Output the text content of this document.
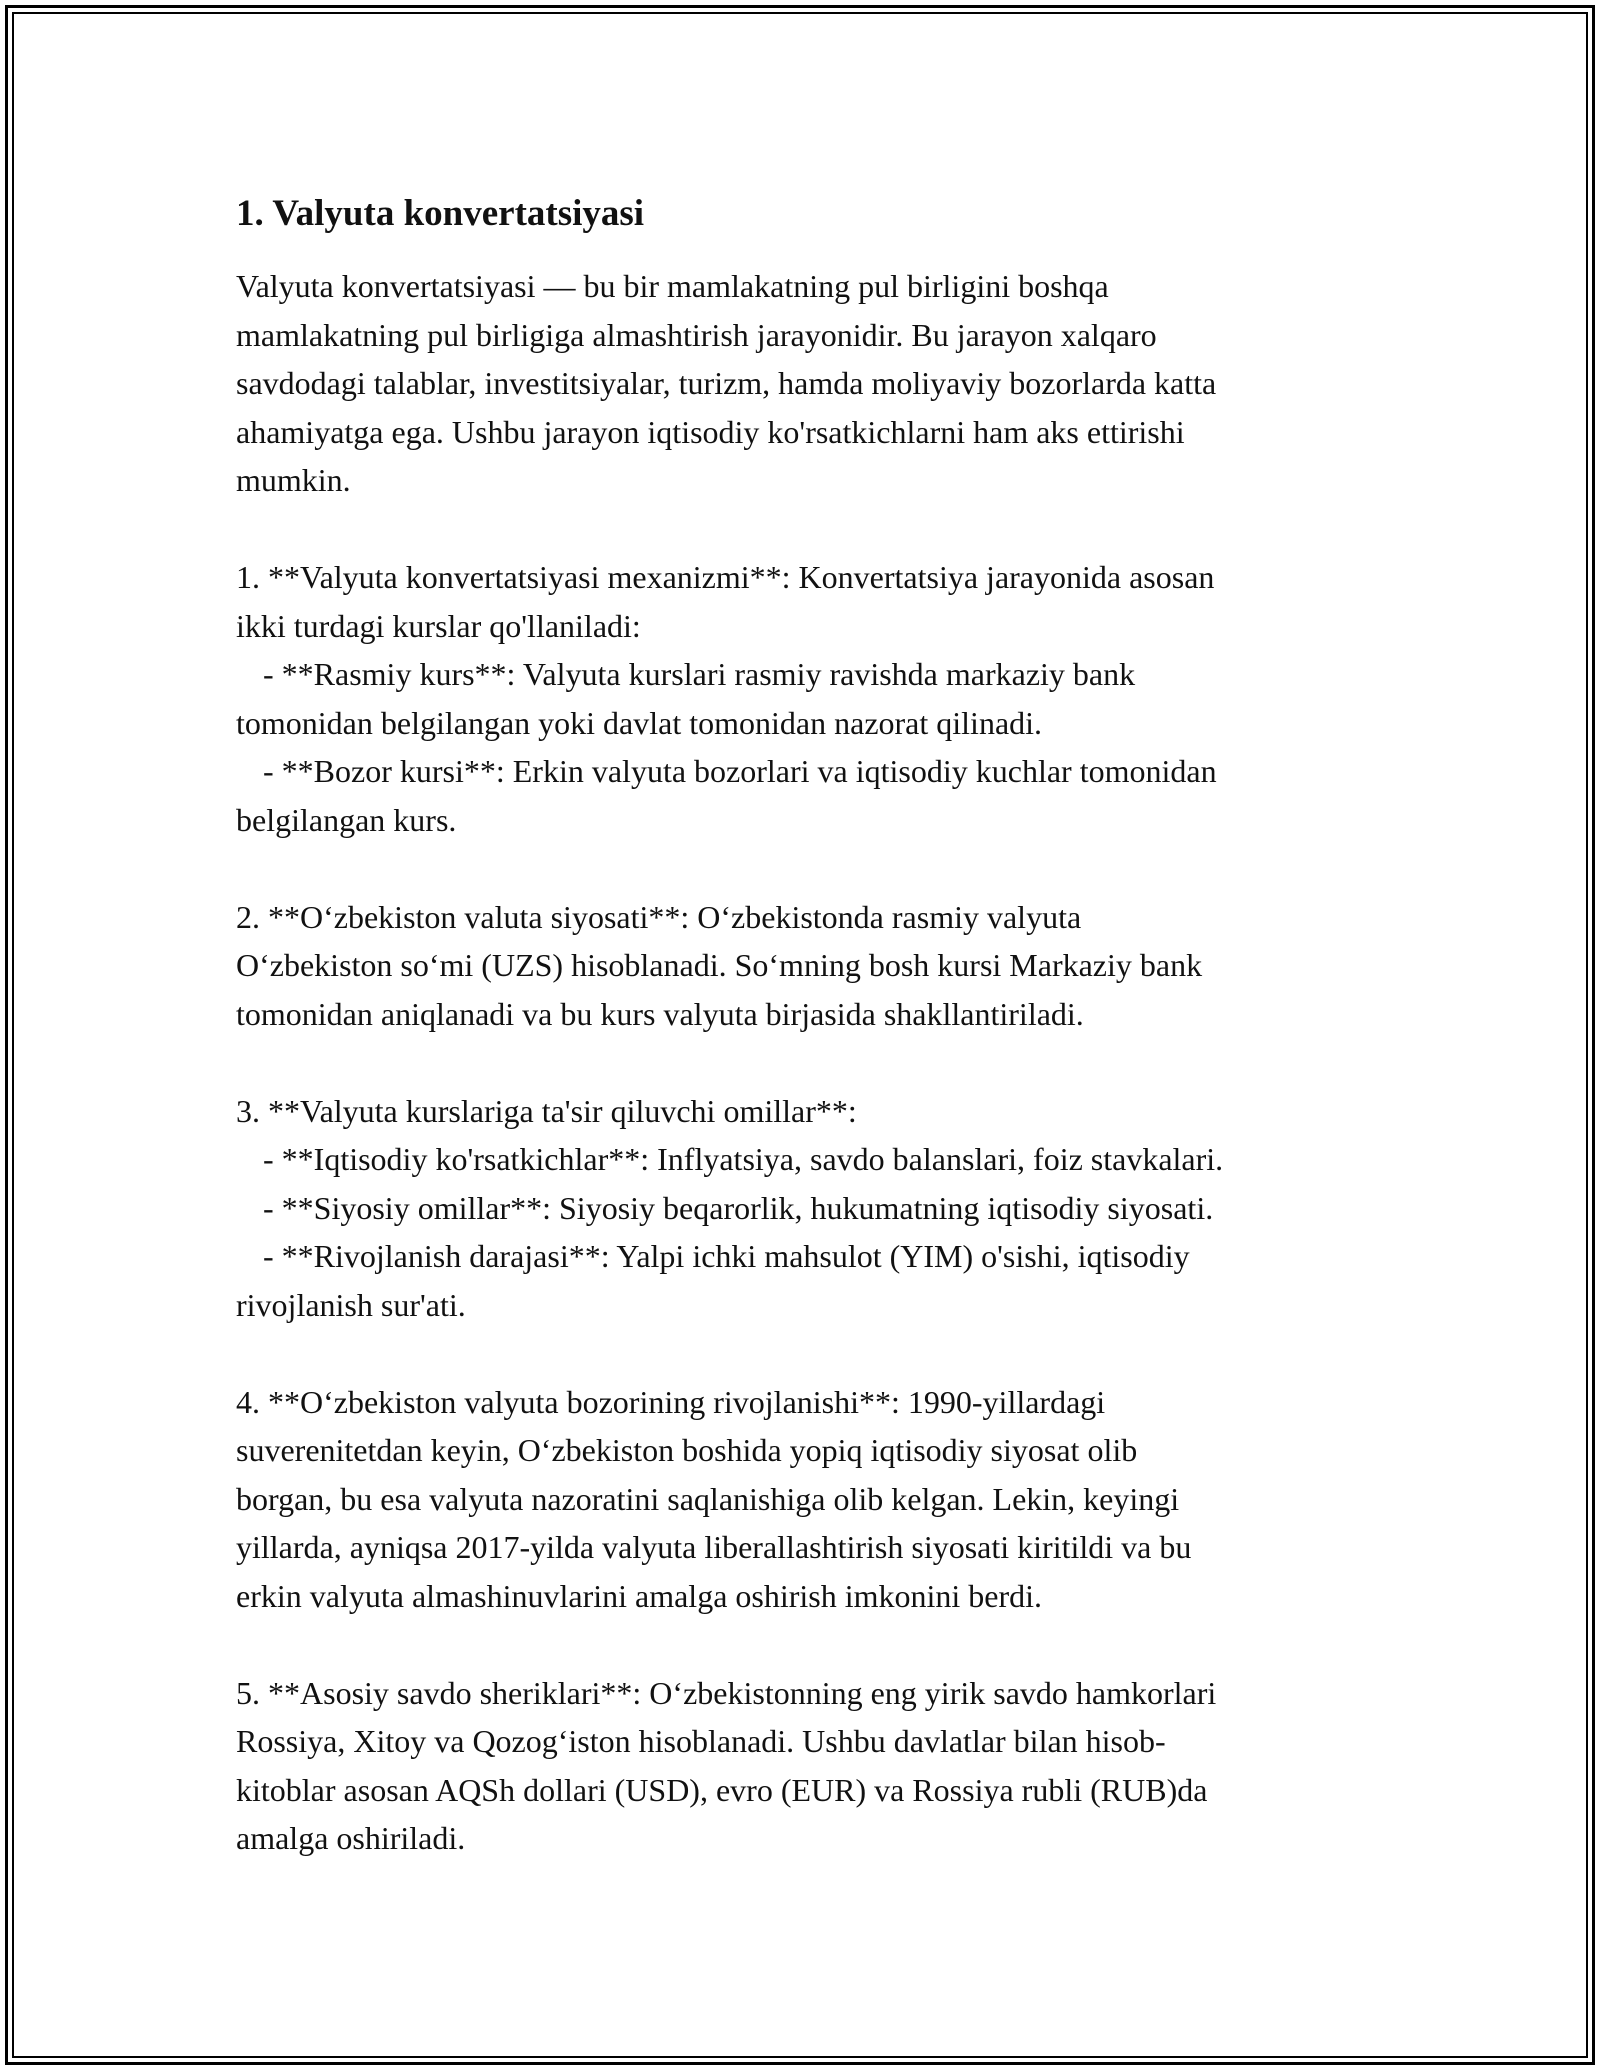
1. Valyuta konvertatsiyasi
Valyuta konvertatsiyasi — bu bir mamlakatning pul birligini boshqa
mamlakatning pul birligiga almashtirish jarayonidir. Bu jarayon xalqaro
savdodagi talablar, investitsiyalar, turizm, hamda moliyaviy bozorlarda katta
ahamiyatga ega. Ushbu jarayon iqtisodiy ko'rsatkichlarni ham aks ettirishi
mumkin.
1. **Valyuta konvertatsiyasi mexanizmi**: Konvertatsiya jarayonida asosan
ikki turdagi kurslar qo'llaniladi:
- **Rasmiy kurs**: Valyuta kurslari rasmiy ravishda markaziy bank
tomonidan belgilangan yoki davlat tomonidan nazorat qilinadi.
- **Bozor kursi**: Erkin valyuta bozorlari va iqtisodiy kuchlar tomonidan
belgilangan kurs.
2. **Oʻzbekiston valuta siyosati**: Oʻzbekistonda rasmiy valyuta
Oʻzbekiston soʻmi (UZS) hisoblanadi. Soʻmning bosh kursi Markaziy bank
tomonidan aniqlanadi va bu kurs valyuta birjasida shakllantiriladi.
3. **Valyuta kurslariga ta'sir qiluvchi omillar**:
- **Iqtisodiy ko'rsatkichlar**: Inflyatsiya, savdo balanslari, foiz stavkalari.
- **Siyosiy omillar**: Siyosiy beqarorlik, hukumatning iqtisodiy siyosati.
- **Rivojlanish darajasi**: Yalpi ichki mahsulot (YIM) o'sishi, iqtisodiy
rivojlanish sur'ati.
4. **Oʻzbekiston valyuta bozorining rivojlanishi**: 1990-yillardagi
suverenitetdan keyin, Oʻzbekiston boshida yopiq iqtisodiy siyosat olib
borgan, bu esa valyuta nazoratini saqlanishiga olib kelgan. Lekin, keyingi
yillarda, ayniqsa 2017-yilda valyuta liberallashtirish siyosati kiritildi va bu
erkin valyuta almashinuvlarini amalga oshirish imkonini berdi.
5. **Asosiy savdo sheriklari**: Oʻzbekistonning eng yirik savdo hamkorlari
Rossiya, Xitoy va Qozogʻiston hisoblanadi. Ushbu davlatlar bilan hisob-
kitoblar asosan AQSh dollari (USD), evro (EUR) va Rossiya rubli (RUB)da
amalga oshiriladi.
